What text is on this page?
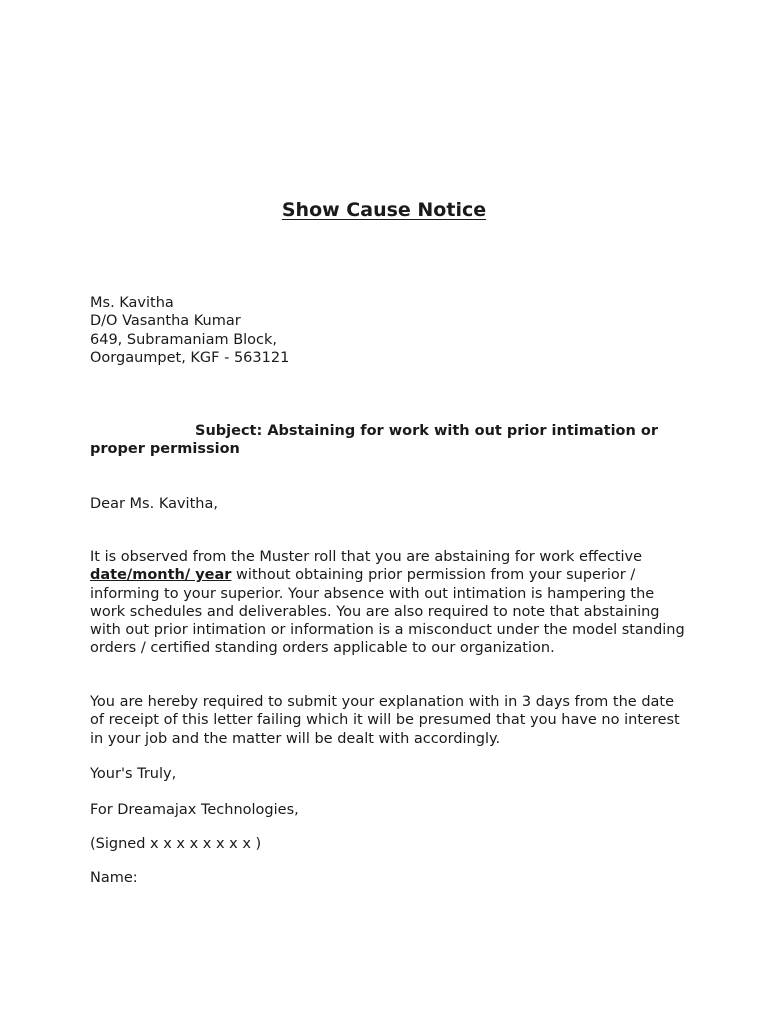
Show Cause Notice
Ms. Kavitha
D/O Vasantha Kumar
649, Subramaniam Block,
Oorgaumpet, KGF - 563121

Subject: Abstaining for work with out prior intimation or proper permission

Dear Ms. Kavitha,

It is observed from the Muster roll that you are abstaining for work effective date/month/ year without obtaining prior permission from your superior / informing to your superior. Your absence with out intimation is hampering the work schedules and deliverables. You are also required to note that abstaining with out prior intimation or information is a misconduct under the model standing orders / certified standing orders applicable to our organization.

You are hereby required to submit your explanation with in 3 days from the date of receipt of this letter failing which it will be presumed that you have no interest in your job and the matter will be dealt with accordingly.

Your's Truly,

For Dreamajax Technologies,

(Signed x x x x x x x x )

Name:
